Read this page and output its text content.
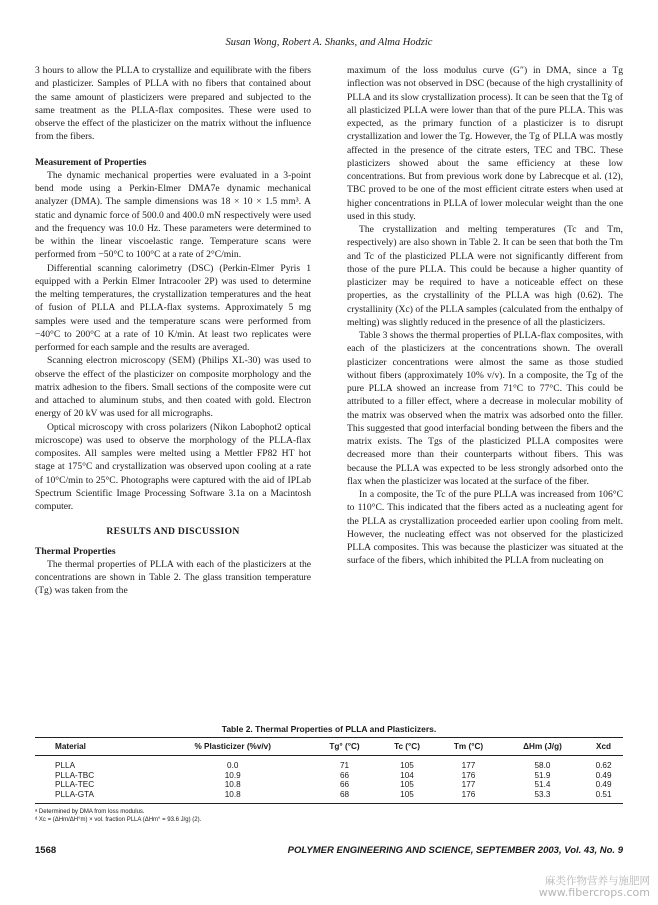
Susan Wong, Robert A. Shanks, and Alma Hodzic

3 hours to allow the PLLA to crystallize and equilibrate with the fibers and plasticizer. Samples of PLLA with no fibers that contained about the same amount of plasticizers were prepared and subjected to the same treatment as the PLLA-flax composites. These were used to observe the effect of the plasticizer on the matrix without the influence from the fibers.

Measurement of Properties

The dynamic mechanical properties were evaluated in a 3-point bend mode using a Perkin-Elmer DMA7e dynamic mechanical analyzer (DMA). The sample dimensions was 18 × 10 × 1.5 mm³. A static and dynamic force of 500.0 and 400.0 mN respectively were used and the frequency was 10.0 Hz. These parameters were determined to be within the linear viscoelastic range. Temperature scans were performed from −50°C to 100°C at a rate of 2°C/min.

Differential scanning calorimetry (DSC) (Perkin-Elmer Pyris 1 equipped with a Perkin Elmer Intracooler 2P) was used to determine the melting temperatures, the crystallization temperatures and the heat of fusion of PLLA and PLLA-flax systems. Approximately 5 mg samples were used and the temperature scans were performed from −40°C to 200°C at a rate of 10 K/min. At least two replicates were performed for each sample and the results are averaged.

Scanning electron microscopy (SEM) (Philips XL-30) was used to observe the effect of the plasticizer on composite morphology and the matrix adhesion to the fibers. Small sections of the composite were cut and attached to aluminum stubs, and then coated with gold. Electron energy of 20 kV was used for all micrographs.

Optical microscopy with cross polarizers (Nikon Labophot2 optical microscope) was used to observe the morphology of the PLLA-flax composites. All samples were melted using a Mettler FP82 HT hot stage at 175°C and crystallization was observed upon cooling at a rate of 10°C/min to 25°C. Photographs were captured with the aid of IPLab Spectrum Scientific Image Processing Software 3.1a on a Macintosh computer.

RESULTS AND DISCUSSION
Thermal Properties

The thermal properties of PLLA with each of the plasticizers at the concentrations are shown in Table 2. The glass transition temperature (Tg) was taken from the

maximum of the loss modulus curve (G″) in DMA, since a Tg inflection was not observed in DSC (because of the high crystallinity of PLLA and its slow crystallization process). It can be seen that the Tg of all plasticized PLLA were lower than that of the pure PLLA. This was expected, as the primary function of a plasticizer is to disrupt crystallization and lower the Tg. However, the Tg of PLLA was mostly affected in the presence of the citrate esters, TEC and TBC. These plasticizers showed about the same efficiency at these low concentrations. But from previous work done by Labrecque et al. (12), TBC proved to be one of the most efficient citrate esters when used at higher concentrations in PLLA of lower molecular weight than the one used in this study.

The crystallization and melting temperatures (Tc and Tm, respectively) are also shown in Table 2. It can be seen that both the Tm and Tc of the plasticized PLLA were not significantly different from those of the pure PLLA. This could be because a higher quantity of plasticizer may be required to have a noticeable effect on these properties, as the crystallinity of the PLLA was high (0.62). The crystallinity (Xc) of the PLLA samples (calculated from the enthalpy of melting) was slightly reduced in the presence of all the plasticizers.

Table 3 shows the thermal properties of PLLA-flax composites, with each of the plasticizers at the concentrations shown. The overall plasticizer concentrations were almost the same as those studied without fibers (approximately 10% v/v). In a composite, the Tg of the pure PLLA showed an increase from 71°C to 77°C. This could be attributed to a filler effect, where a decrease in molecular mobility of the matrix was observed when the matrix was adsorbed onto the filler. This suggested that good interfacial bonding between the fibers and the matrix exists. The Tgs of the plasticized PLLA composites were decreased more than their counterparts without fibers. This was because the PLLA was expected to be less strongly adsorbed onto the flax when the plasticizer was located at the surface of the fiber.

In a composite, the Tc of the pure PLLA was increased from 106°C to 110°C. This indicated that the fibers acted as a nucleating agent for the PLLA as crystallization proceeded earlier upon cooling from melt. However, the nucleating effect was not observed for the plasticized PLLA composites. This was because the plasticizer was situated at the surface of the fibers, which inhibited the PLLA from nucleating on

Table 2. Thermal Properties of PLLA and Plasticizers.
Material	% Plasticizer (%v/v)	Tg° (°C)	Tc (°C)	Tm (°C)	ΔHm (J/g)	Xcd
PLLA	0.0	71	105	177	58.0	0.62
PLLA-TBC	10.9	66	104	176	51.9	0.49
PLLA-TEC	10.8	66	105	177	51.4	0.49
PLLA-GTA	10.8	68	105	176	53.3	0.51
ᵃ Determined by DMA from loss modulus.
ᵈ Xc = (ΔHm/ΔH°m) × vol. fraction PLLA (ΔHm° = 93.6 J/g) (2).
1568	POLYMER ENGINEERING AND SCIENCE, SEPTEMBER 2003, Vol. 43, No. 9
麻类作物营养与施肥网
www.fibercrops.com
